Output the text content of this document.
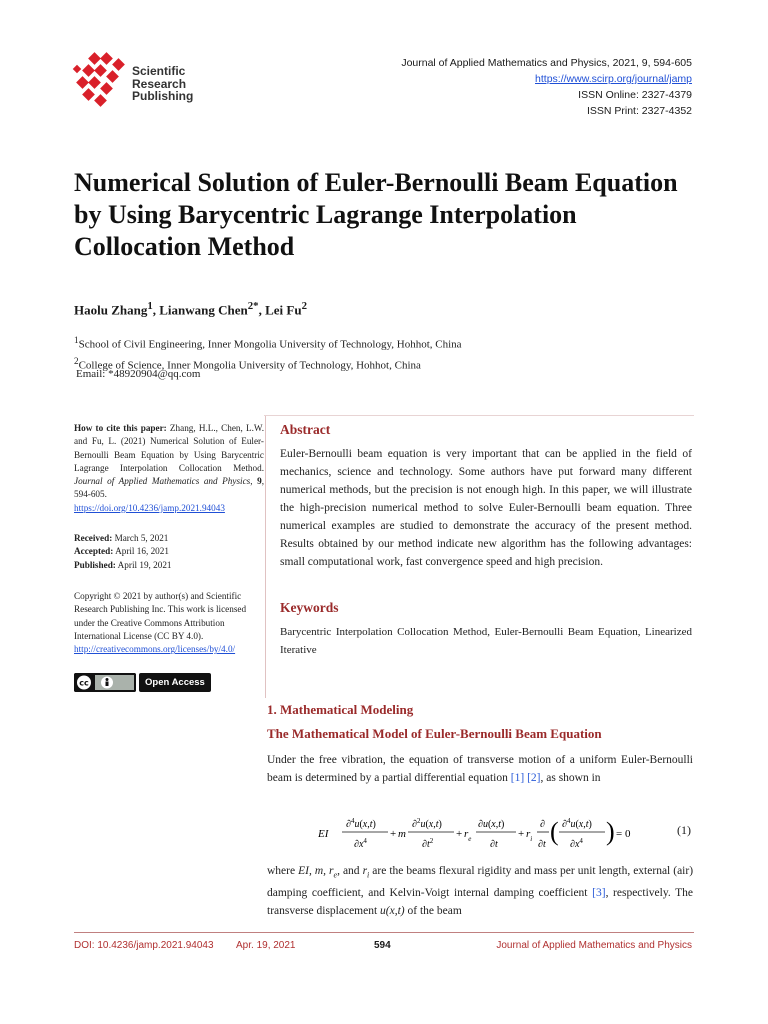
Scientific
Research
Publishing
Journal of Applied Mathematics and Physics, 2021, 9, 594-605
https://www.scirp.org/journal/jamp
ISSN Online: 2327-4379
ISSN Print: 2327-4352
Numerical Solution of Euler-Bernoulli Beam Equation by Using Barycentric Lagrange Interpolation Collocation Method
Haolu Zhang$^1$, Lianwang Chen$^{2*}$, Lei Fu$^2$
$^1$School of Civil Engineering, Inner Mongolia University of Technology, Hohhot, China
$^2$College of Science, Inner Mongolia University of Technology, Hohhot, China
Email: *48920904@qq.com
How to cite this paper: Zhang, H.L., Chen, L.W. and Fu, L. (2021) Numerical Solution of Euler-Bernoulli Beam Equation by Using Barycentric Lagrange Interpolation Collocation Method. Journal of Applied Mathematics and Physics, 9, 594-605.
https://doi.org/10.4236/jamp.2021.94043
Received: March 5, 2021
Accepted: April 16, 2021
Published: April 19, 2021
Copyright © 2021 by author(s) and Scientific Research Publishing Inc. This work is licensed under the Creative Commons Attribution International License (CC BY 4.0).
http://creativecommons.org/licenses/by/4.0/
cc	Open Access
Abstract
Euler-Bernoulli beam equation is very important that can be applied in the field of mechanics, science and technology. Some authors have put forward many different numerical methods, but the precision is not enough high. In this paper, we will illustrate the high-precision numerical method to solve Euler-Bernoulli beam equation. Three numerical examples are studied to demonstrate the accuracy of the present method. Results obtained by our method indicate new algorithm has the following advantages: small computational work, fast convergence speed and high precision.
Keywords
Barycentric Interpolation Collocation Method, Euler-Bernoulli Beam Equation, Linearized Iterative
1. Mathematical Modeling
The Mathematical Model of Euler-Bernoulli Beam Equation
Under the free vibration, the equation of transverse motion of a uniform Euler-Bernoulli beam is determined by a partial differential equation [1] [2], as shown in
EI
∂$^4$u(x,t)
$\partial x^4$
+ m
∂$^2$u(x,t)
$\partial t^2$
+ $r_e$
∂u(x,t)
∂t
+ $r_i$
∂
∂t ( ∂$^4$u(x,t)
$\partial x^4$ ) = 0	(1)
where EI, m, $r_e$, and $r_i$ are the beams flexural rigidity and mass per unit length, external (air) damping coefficient, and Kelvin-Voigt internal damping coefficient [3], respectively. The transverse displacement u(x,t) of the beam
DOI: 10.4236/jamp.2021.94043 Apr. 19, 2021	594	Journal of Applied Mathematics and Physics
